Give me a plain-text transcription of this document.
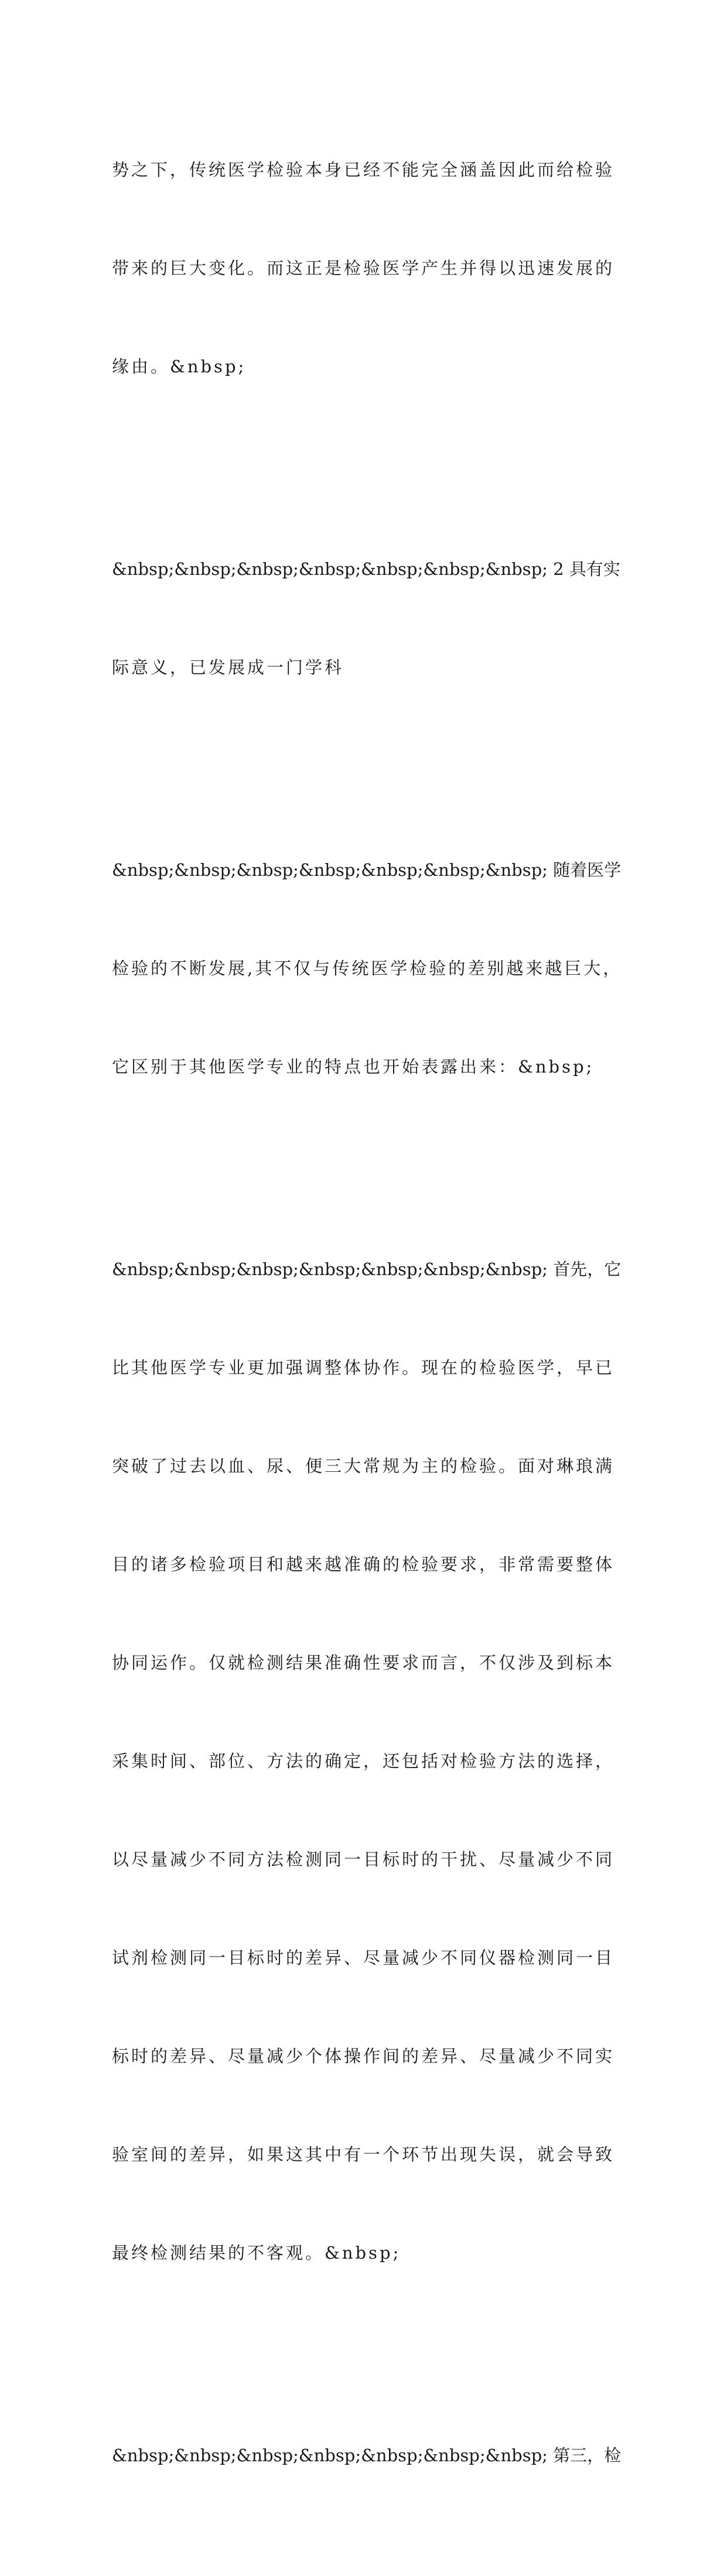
势之下，传统医学检验本身已经不能完全涵盖因此而给检验

带来的巨大变化。而这正是检验医学产生并得以迅速发展的

缘由。&nbsp;

&nbsp;&nbsp;&nbsp;&nbsp;&nbsp;&nbsp;&nbsp; 2 具有实

际意义，已发展成一门学科

&nbsp;&nbsp;&nbsp;&nbsp;&nbsp;&nbsp;&nbsp; 随着医学

检验的不断发展,其不仅与传统医学检验的差别越来越巨大，

它区别于其他医学专业的特点也开始表露出来：&nbsp;

&nbsp;&nbsp;&nbsp;&nbsp;&nbsp;&nbsp;&nbsp; 首先，它

比其他医学专业更加强调整体协作。现在的检验医学，早已

突破了过去以血、尿、便三大常规为主的检验。面对琳琅满

目的诸多检验项目和越来越准确的检验要求，非常需要整体

协同运作。仅就检测结果准确性要求而言，不仅涉及到标本

采集时间、部位、方法的确定，还包括对检验方法的选择，

以尽量减少不同方法检测同一目标时的干扰、尽量减少不同

试剂检测同一目标时的差异、尽量减少不同仪器检测同一目

标时的差异、尽量减少个体操作间的差异、尽量减少不同实

验室间的差异，如果这其中有一个环节出现失误，就会导致

最终检测结果的不客观。&nbsp;

&nbsp;&nbsp;&nbsp;&nbsp;&nbsp;&nbsp;&nbsp; 第三，检
